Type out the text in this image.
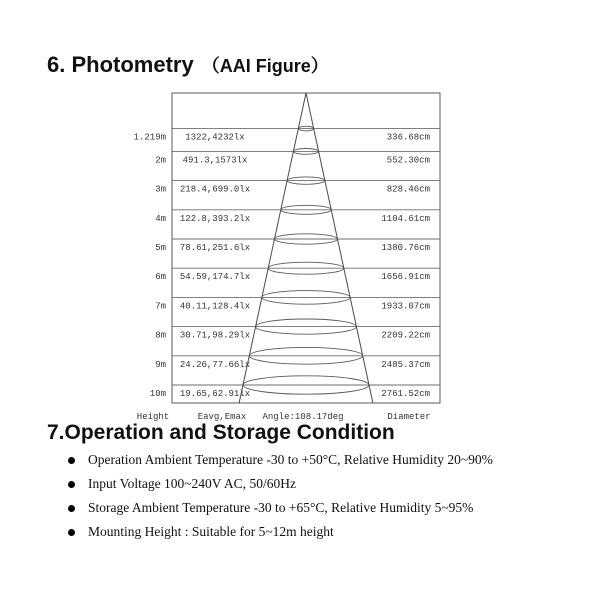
6. Photometry （AAI Figure）
1.219m 1322,4232lx	336.68cm
2m 491.3,1573lx	552.30cm
3m 218.4,699.0lx	828.46cm
4m 122.8,393.2lx	1104.61cm
5m 78.61,251.6lx	1380.76cm
6m 54.59,174.7lx	1656.91cm
7m 40.11,128.4lx	1933.07cm
8m 30.71,98.29lx	2209.22cm
9m 24.26,77.66lx	2485.37cm
10m 19.65,62.91lx	2761.52cm
Height	Eavg,Emax Angle:108.17deg	Diameter
7.Operation and Storage Condition
Operation Ambient Temperature -30 to +50°C, Relative Humidity 20~90%
Input Voltage 100~240V AC, 50/60Hz
Storage Ambient Temperature -30 to +65°C, Relative Humidity 5~95%
Mounting Height : Suitable for 5~12m height
